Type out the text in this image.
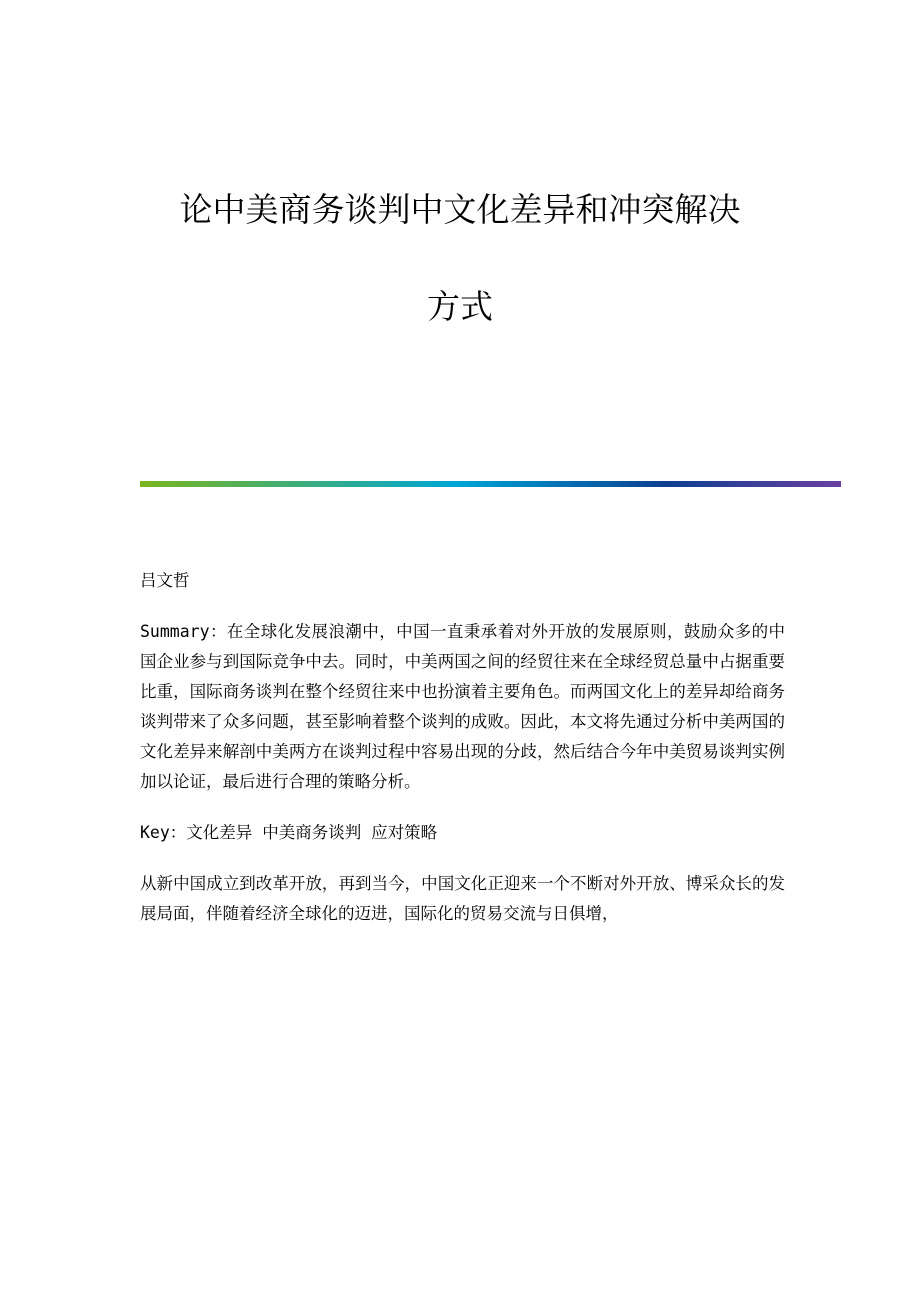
论中美商务谈判中文化差异和冲突解决
方式

吕文哲

Summary：在全球化发展浪潮中，中国一直秉承着对外开放的发展原则，鼓励众多的中国企业参与到国际竞争中去。同时，中美两国之间的经贸往来在全球经贸总量中占据重要比重，国际商务谈判在整个经贸往来中也扮演着主要角色。而两国文化上的差异却给商务谈判带来了众多问题，甚至影响着整个谈判的成败。因此，本文将先通过分析中美两国的文化差异来解剖中美两方在谈判过程中容易出现的分歧，然后结合今年中美贸易谈判实例加以论证，最后进行合理的策略分析。

Key：文化差异 中美商务谈判 应对策略

从新中国成立到改革开放，再到当今，中国文化正迎来一个不断对外开放、博采众长的发展局面，伴随着经济全球化的迈进，国际化的贸易交流与日俱增，
